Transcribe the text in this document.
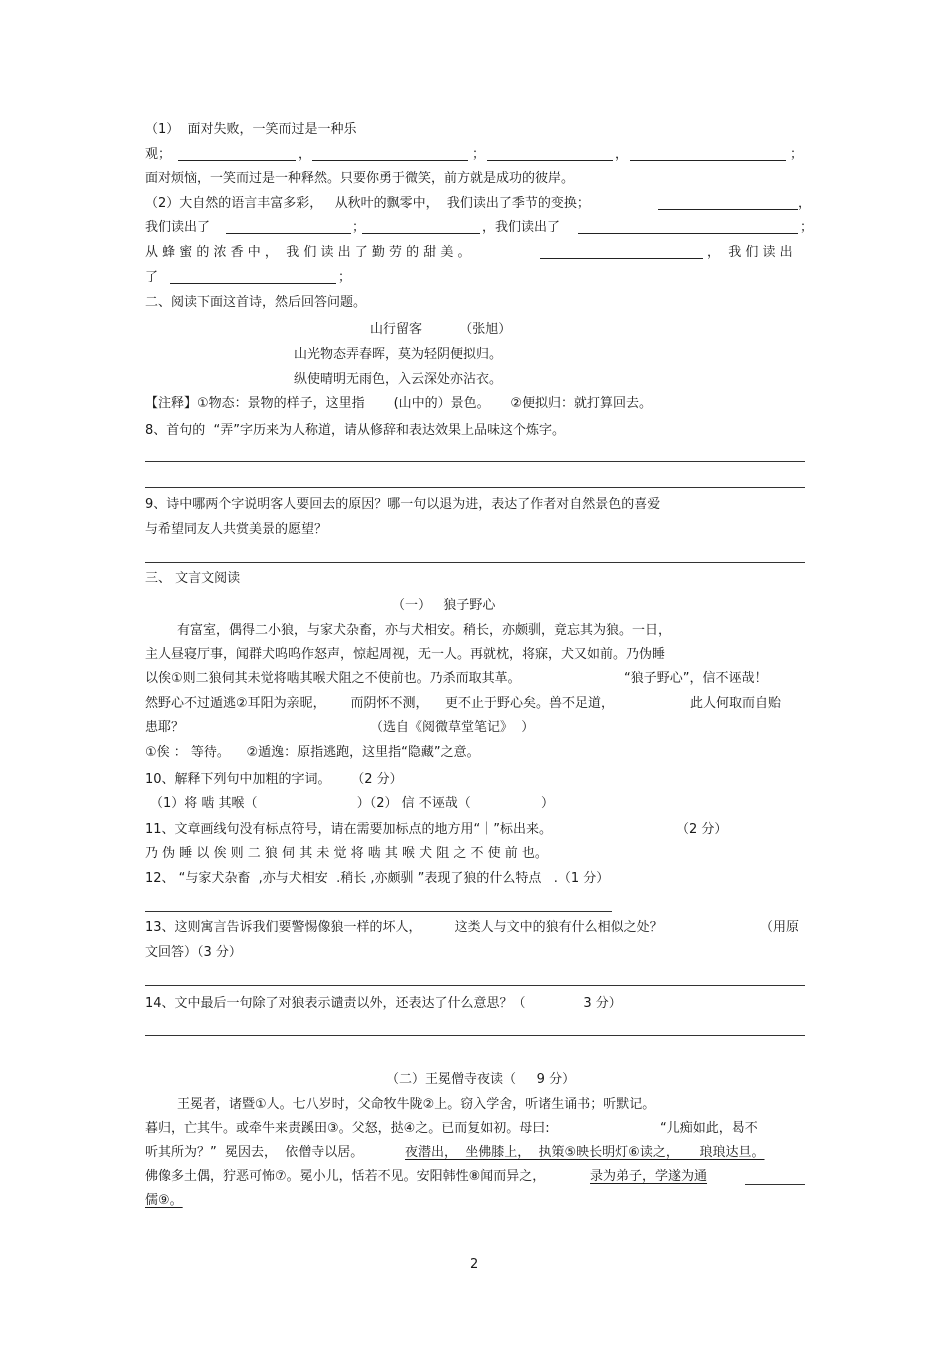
（1）  面对失败，一笑而过是一种乐
观；	，	；	，	；
面对烦恼，一笑而过是一种释然。只要你勇于微笑，前方就是成功的彼岸。
（2）大自然的语言丰富多彩，   从秋叶的飘零中，  我们读出了季节的变换；	，
我们读出了	；	，我们读出了	；
从 蜂 蜜 的 浓 香 中 ，  我 们 读 出 了 勤 劳 的 甜 美 。	，  我 们 读 出
了	；
二、阅读下面这首诗，然后回答问题。
山行留客         （张旭）
山光物态弄春晖，莫为轻阴便拟归。
纵使晴明无雨色，入云深处亦沾衣。
【注释】①物态：景物的样子，这里指       (山中的）景色。     ②便拟归：就打算回去。
8、首句的  “弄”字历来为人称道，请从修辞和表达效果上品味这个炼字。
9、诗中哪两个字说明客人要回去的原因？哪一句以退为进，表达了作者对自然景色的喜爱
与希望同友人共赏美景的愿望？
三、 文言文阅读
（一）   狼子野心
有富室，偶得二小狼，与家犬杂畜，亦与犬相安。稍长，亦颇驯，竟忘其为狼。一日，
主人昼寝厅事，闻群犬呜呜作怒声，惊起周视，无一人。再就枕，将寐，犬又如前。乃伪睡
以俟①则二狼伺其未觉将啮其喉犬阻之不使前也。乃杀而取其革。	“狼子野心”，信不诬哉！
然野心不过遁逃②耳阳为亲昵，      而阴怀不测，    更不止于野心矣。兽不足道，	此人何取而自贻
患耶？	（选自《阅微草堂笔记》  ）
①俟 ： 等待。    ②遁逸：原指逃跑，这里指“隐藏”之意。
10、解释下列句中加粗的字词。     （2 分）
（1）将 啮 其喉（                        ）（2） 信 不诬哉（                 ）
11、文章画线句没有标点符号，请在需要加标点的地方用“｜”标出来。	（2 分）
乃 伪 睡 以 俟 则 二 狼 伺 其 未 觉 将 啮 其 喉 犬 阻 之 不 使 前 也。
12、 “与家犬杂畜  ,亦与犬相安  .稍长 ,亦颇驯 ”表现了狼的什么特点   .（1 分）
13、这则寓言告诉我们要警惕像狼一样的坏人，        这类人与文中的狼有什么相似之处？	（用原
文回答）（3 分）
14、文中最后一句除了对狼表示谴责以外，还表达了什么意思？（              3 分）
（二）王冕僧寺夜读（     9 分）
王冕者，诸暨①人。七八岁时，父命牧牛陇②上。窃入学舍，听诸生诵书；听默记。
暮归，亡其牛。或牵牛来责蹊田③。父怒，挞④之。已而复如初。母曰:	“儿痴如此，曷不
听其所为？”  冕因去，  依僧寺以居。	夜潜出，  坐佛膝上，  执策⑤映长明灯⑥读之，     琅琅达旦。
佛像多土偶，狞恶可怖⑦。冕小儿，恬若不见。安阳韩性⑧闻而异之，	录为弟子，学遂为通
儒⑨。
2
